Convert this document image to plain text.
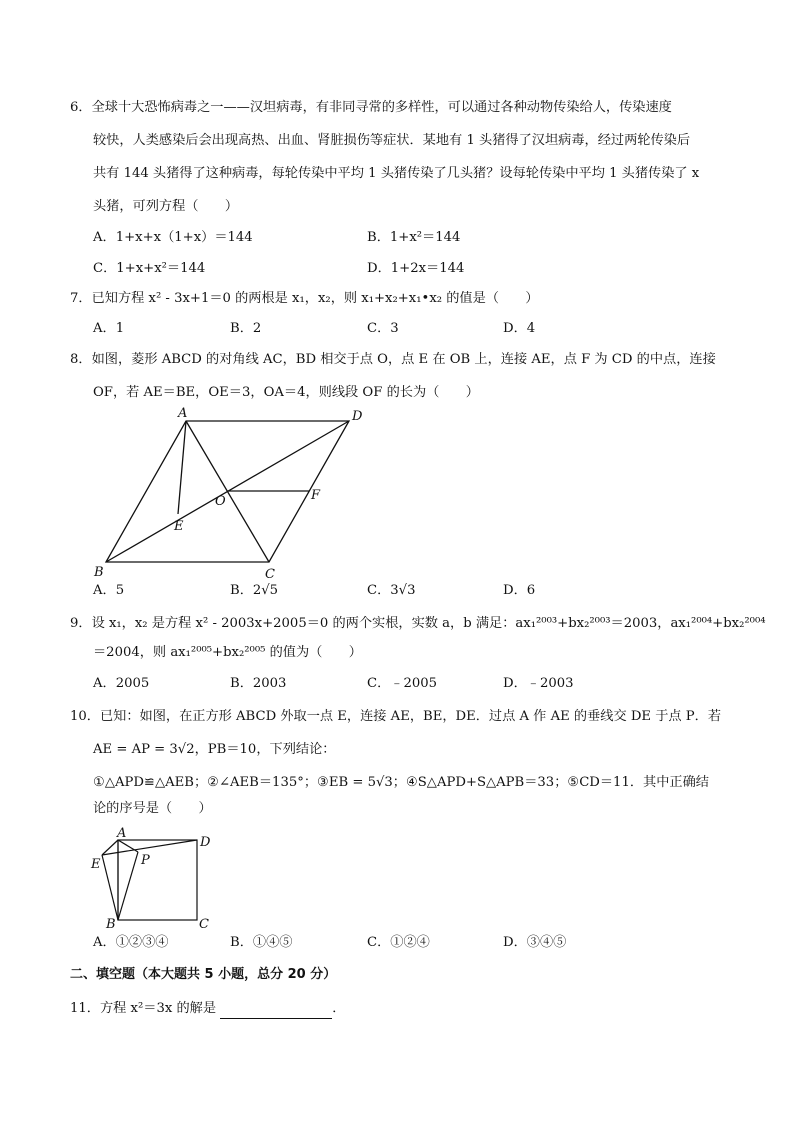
6．全球十大恐怖病毒之一——汉坦病毒，有非同寻常的多样性，可以通过各种动物传染给人，传染速度
较快，人类感染后会出现高热、出血、肾脏损伤等症状．某地有 1 头猪得了汉坦病毒，经过两轮传染后
共有 144 头猪得了这种病毒，每轮传染中平均 1 头猪传染了几头猪？设每轮传染中平均 1 头猪传染了 x
头猪，可列方程（　　）
A．1+x+x（1+x）＝144	B．1+x²＝144
C．1+x+x²＝144	D．1+2x＝144
7．已知方程 x² - 3x+1＝0 的两根是 x₁，x₂，则 x₁+x₂+x₁•x₂ 的值是（　　）
A．1	B．2	C．3	D．4
8．如图，菱形 ABCD 的对角线 AC，BD 相交于点 O，点 E 在 OB 上，连接 AE，点 F 为 CD 的中点，连接
OF，若 AE＝BE，OE＝3，OA＝4，则线段 OF 的长为（　　）
A	D
O	F
E
B	C
A．5	B．2√5	C．3√3	D．6
9．设 x₁，x₂ 是方程 x² - 2003x+2005＝0 的两个实根，实数 a，b 满足：ax₁²⁰⁰³+bx₂²⁰⁰³＝2003，ax₁²⁰⁰⁴+bx₂²⁰⁰⁴
＝2004，则 ax₁²⁰⁰⁵+bx₂²⁰⁰⁵ 的值为（　　）
A．2005	B．2003	C．﹣2005	D．﹣2003
10．已知：如图，在正方形 ABCD 外取一点 E，连接 AE，BE，DE．过点 A 作 AE 的垂线交 DE 于点 P．若
AE = AP = 3√2，PB＝10，下列结论：
①△APD≌△AEB；②∠AEB＝135°；③EB = 5√3；④S△APD+S△APB＝33；⑤CD＝11．其中正确结
论的序号是（　　）
A
D
E	P
B	C
A．①②③④	B．①④⑤	C．①②④	D．③④⑤
二、填空题（本大题共 5 小题，总分 20 分）
11．方程 x²＝3x 的解是	．
